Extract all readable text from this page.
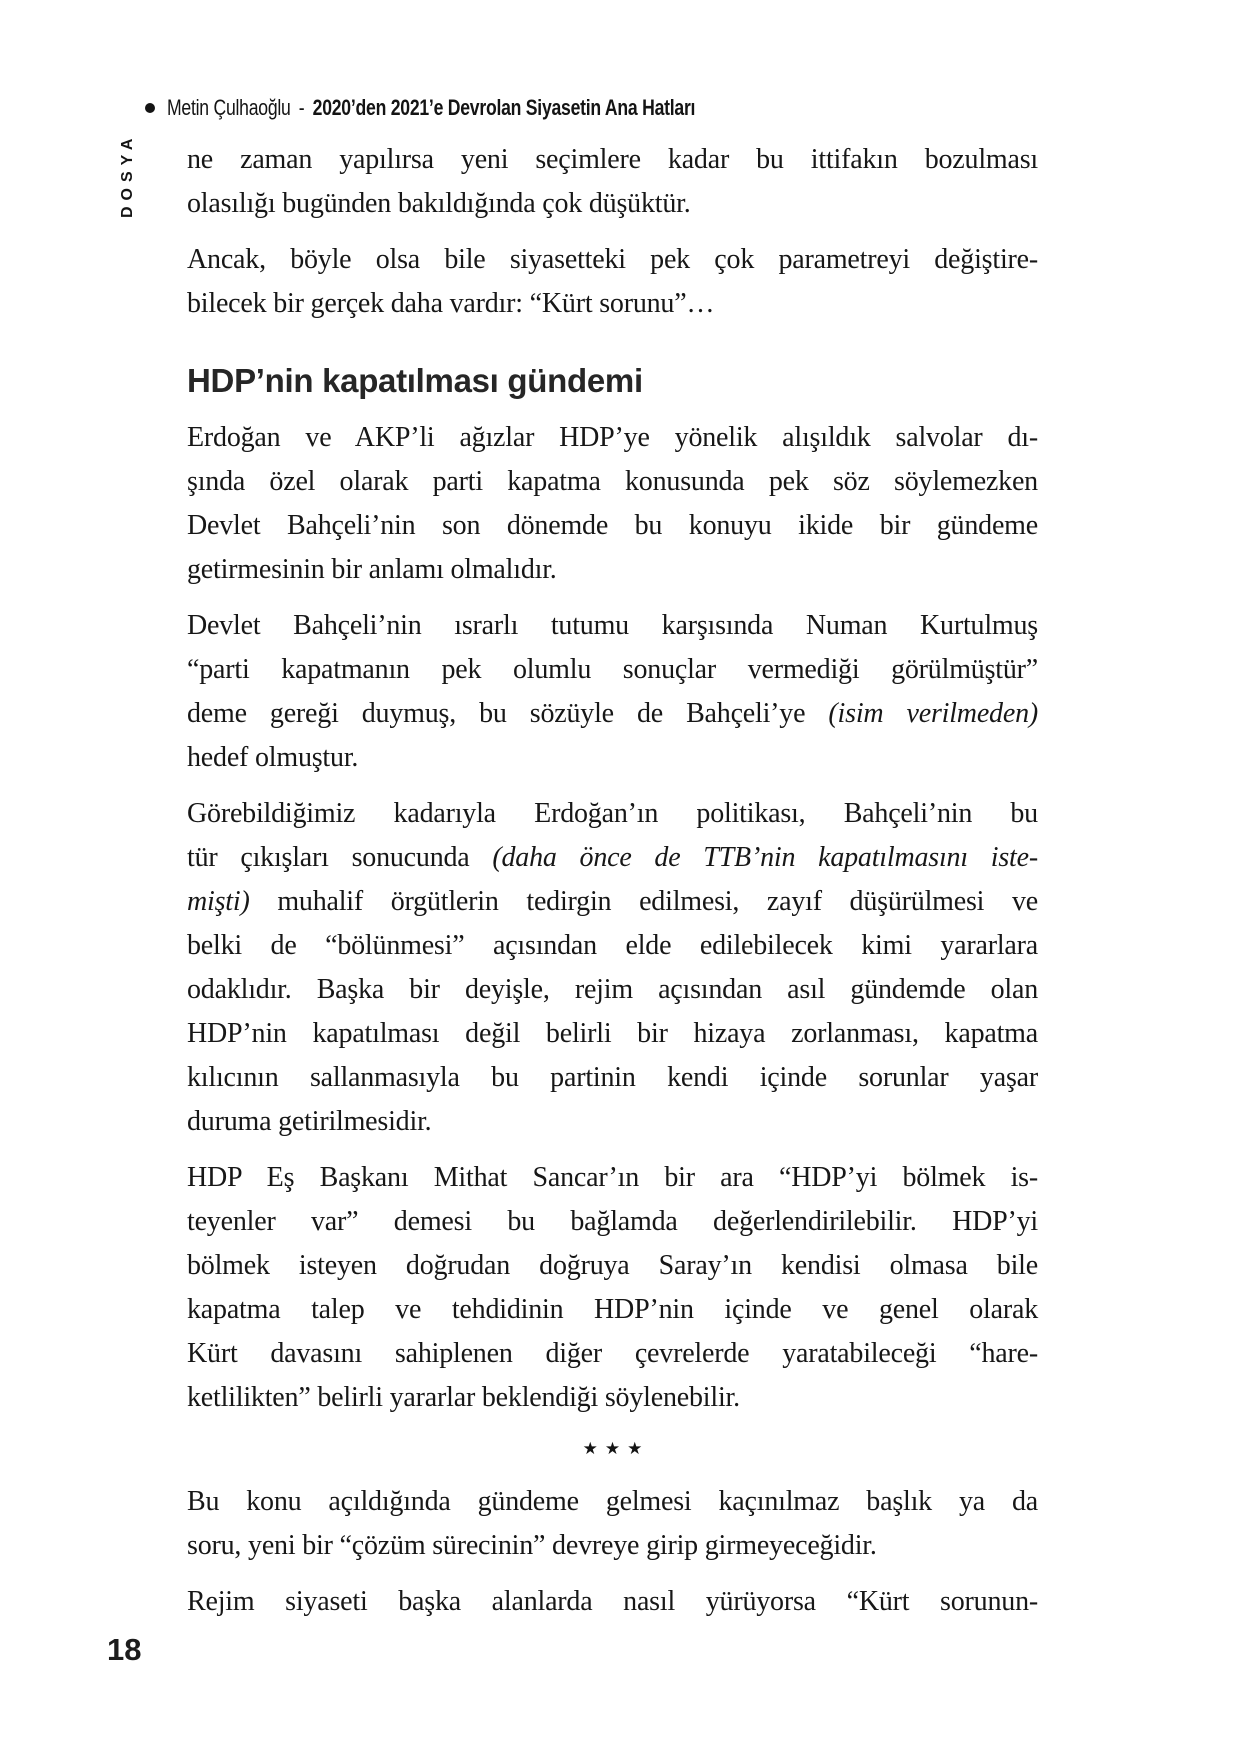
Metin Çulhaoğlu - 2020’den 2021’e Devrolan Siyasetin Ana Hatları
DOSYA ne zaman yapılırsa yeni seçimlere kadar bu ittifakın bozulması
olasılığı bugünden bakıldığında çok düşüktür.

Ancak, böyle olsa bile siyasetteki pek çok parametreyi değiştire-
bilecek bir gerçek daha vardır: “Kürt sorunu”…

HDP’nin kapatılması gündemi

Erdoğan ve AKP’li ağızlar HDP’ye yönelik alışıldık salvolar dı-
şında özel olarak parti kapatma konusunda pek söz söylemezken
Devlet Bahçeli’nin son dönemde bu konuyu ikide bir gündeme
getirmesinin bir anlamı olmalıdır.

Devlet Bahçeli’nin ısrarlı tutumu karşısında Numan Kurtulmuş
“parti kapatmanın pek olumlu sonuçlar vermediği görülmüştür”
deme gereği duymuş, bu sözüyle de Bahçeli’ye (isim verilmeden)
hedef olmuştur.

Görebildiğimiz kadarıyla Erdoğan’ın politikası, Bahçeli’nin bu
tür çıkışları sonucunda (daha önce de TTB’nin kapatılmasını iste-
mişti) muhalif örgütlerin tedirgin edilmesi, zayıf düşürülmesi ve
belki de “bölünmesi” açısından elde edilebilecek kimi yararlara
odaklıdır. Başka bir deyişle, rejim açısından asıl gündemde olan
HDP’nin kapatılması değil belirli bir hizaya zorlanması, kapatma
kılıcının sallanmasıyla bu partinin kendi içinde sorunlar yaşar
duruma getirilmesidir.

HDP Eş Başkanı Mithat Sancar’ın bir ara “HDP’yi bölmek is-
teyenler var” demesi bu bağlamda değerlendirilebilir. HDP’yi
bölmek isteyen doğrudan doğruya Saray’ın kendisi olmasa bile
kapatma talep ve tehdidinin HDP’nin içinde ve genel olarak
Kürt davasını sahiplenen diğer çevrelerde yaratabileceği “hare-
ketlilikten” belirli yararlar beklendiği söylenebilir.

★★★

Bu konu açıldığında gündeme gelmesi kaçınılmaz başlık ya da
soru, yeni bir “çözüm sürecinin” devreye girip girmeyeceğidir.

Rejim siyaseti başka alanlarda nasıl yürüyorsa “Kürt sorunun-

18
